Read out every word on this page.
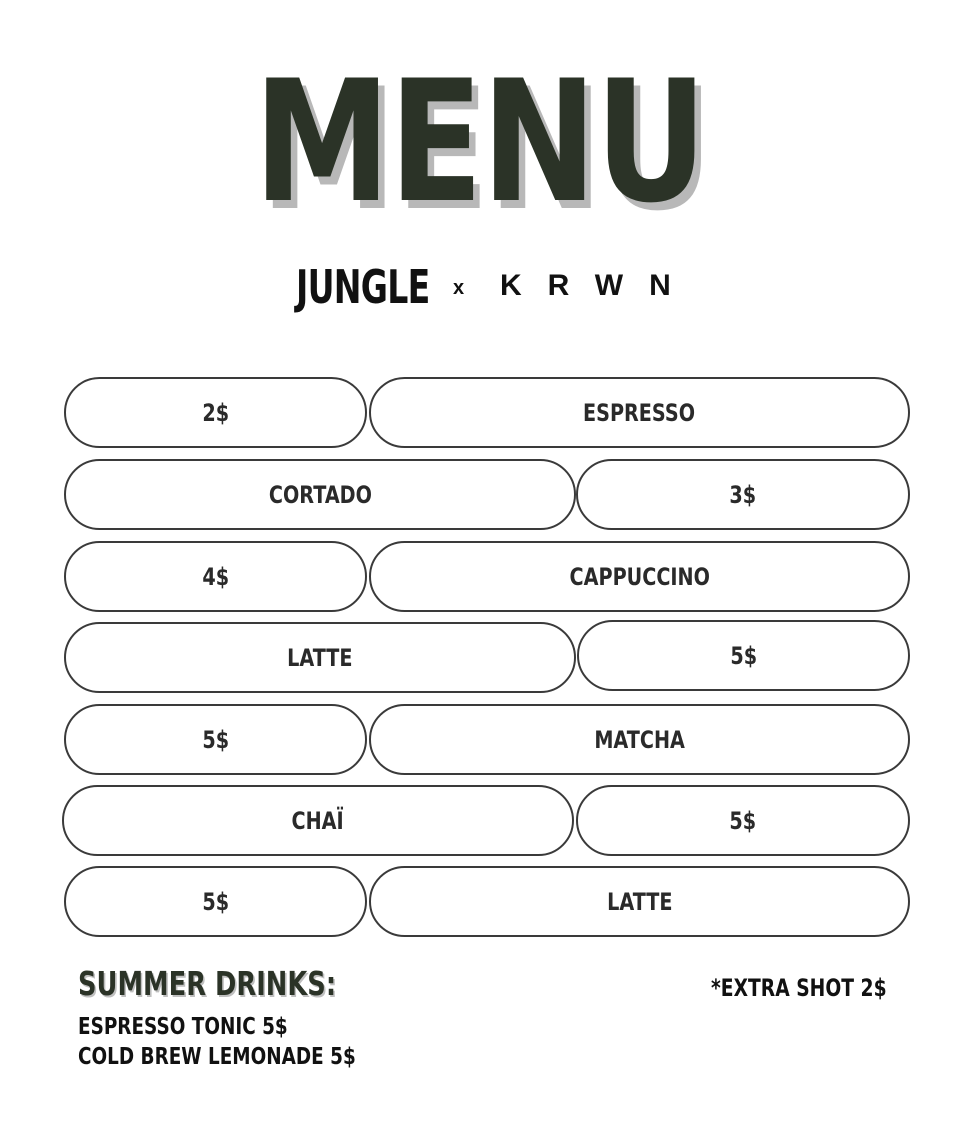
MENU
JUNGLE x KRWN
2$	ESPRESSO
CORTADO	3$
4$	CAPPUCCINO
LATTE	5$
5$	MATCHA
CHAÏ	5$
5$	LATTE
SUMMER DRINKS:
ESPRESSO TONIC 5$
COLD BREW LEMONADE 5$
*EXTRA SHOT 2$
